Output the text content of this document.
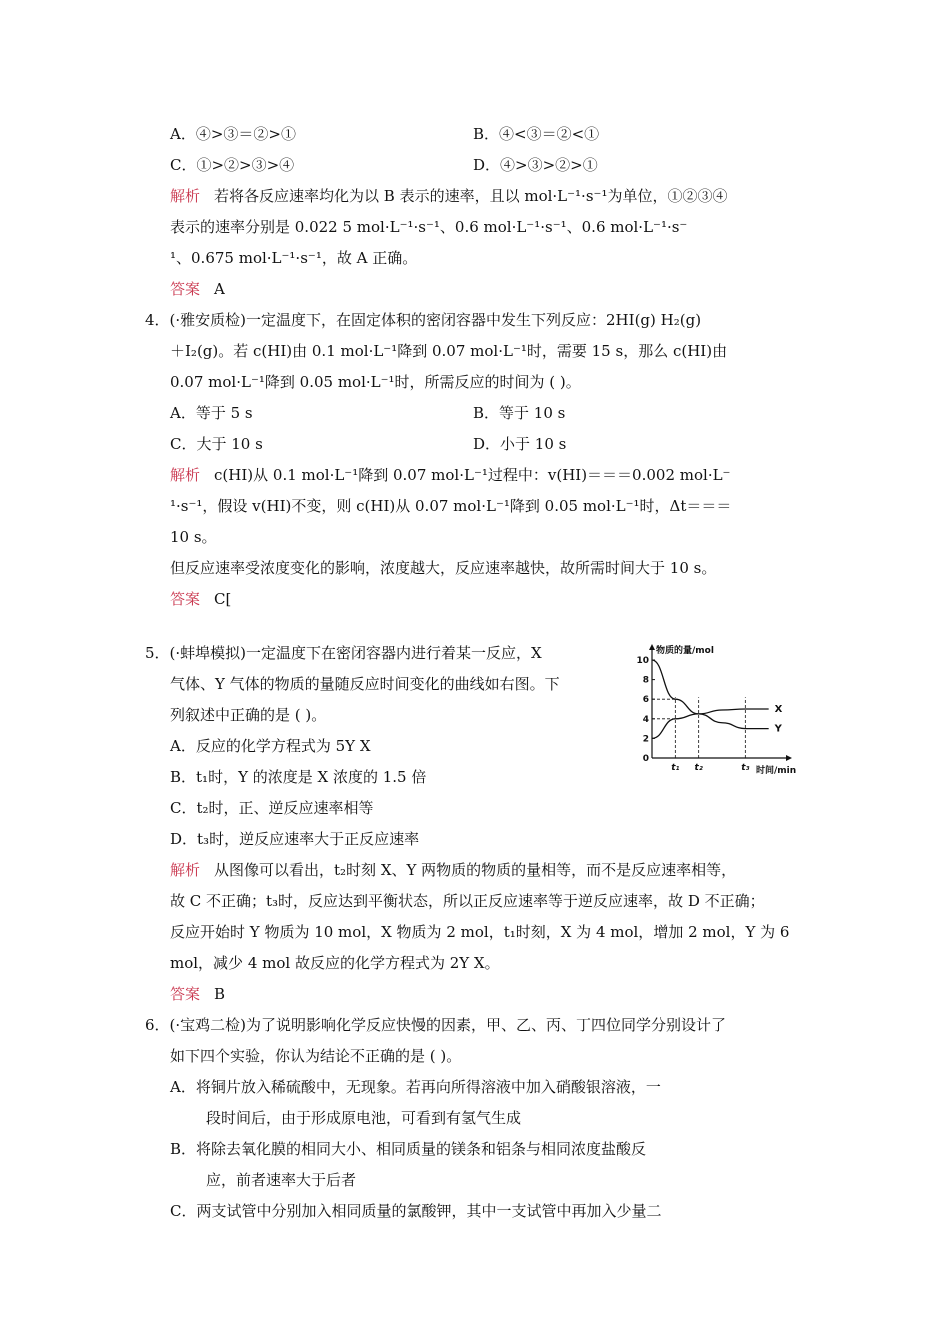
A．④>③＝②>①	B．④<③＝②<①
C．①>②>③>④	D．④>③>②>①
解析 若将各反应速率均化为以 B 表示的速率，且以 mol·L⁻¹·s⁻¹为单位，①②③④
表示的速率分别是 0.022 5 mol·L⁻¹·s⁻¹、0.6 mol·L⁻¹·s⁻¹、0.6 mol·L⁻¹·s⁻
¹、0.675 mol·L⁻¹·s⁻¹，故 A 正确。
答案 A
4．(·雅安质检)一定温度下，在固定体积的密闭容器中发生下列反应：2HI(g) H₂(g)
＋I₂(g)。若 c(HI)由 0.1 mol·L⁻¹降到 0.07 mol·L⁻¹时，需要 15 s，那么 c(HI)由
0.07 mol·L⁻¹降到 0.05 mol·L⁻¹时，所需反应的时间为 ( )。
A．等于 5 s	B．等于 10 s
C．大于 10 s	D．小于 10 s
解析 c(HI)从 0.1 mol·L⁻¹降到 0.07 mol·L⁻¹过程中：v(HI)＝＝＝0.002 mol·L⁻
¹·s⁻¹，假设 v(HI)不变，则 c(HI)从 0.07 mol·L⁻¹降到 0.05 mol·L⁻¹时，Δt＝＝＝
10 s。
但反应速率受浓度变化的影响，浓度越大，反应速率越快，故所需时间大于 10 s。
答案 C[
5．(·蚌埠模拟)一定温度下在密闭容器内进行着某一反应，X
气体、Y 气体的物质的量随反应时间变化的曲线如右图。下
列叙述中正确的是 ( )。
A．反应的化学方程式为 5Y X
B．t₁时，Y 的浓度是 X 浓度的 1.5 倍
C．t₂时，正、逆反应速率相等
D．t₃时，逆反应速率大于正反应速率
解析 从图像可以看出，t₂时刻 X、Y 两物质的物质的量相等，而不是反应速率相等，
故 C 不正确；t₃时，反应达到平衡状态，所以正反应速率等于逆反应速率，故 D 不正确；
反应开始时 Y 物质为 10 mol，X 物质为 2 mol，t₁时刻，X 为 4 mol，增加 2 mol，Y 为 6
mol，减少 4 mol 故反应的化学方程式为 2Y X。
答案 B
物质的量/mol
时间/min
0
2
4
6
8
10
t₁ t₂	t₃
X
Y
6．(·宝鸡二检)为了说明影响化学反应快慢的因素，甲、乙、丙、丁四位同学分别设计了
如下四个实验，你认为结论不正确的是 ( )。
A．将铜片放入稀硫酸中，无现象。若再向所得溶液中加入硝酸银溶液，一
段时间后，由于形成原电池，可看到有氢气生成
B．将除去氧化膜的相同大小、相同质量的镁条和铝条与相同浓度盐酸反
应，前者速率大于后者
C．两支试管中分别加入相同质量的氯酸钾，其中一支试管中再加入少量二
